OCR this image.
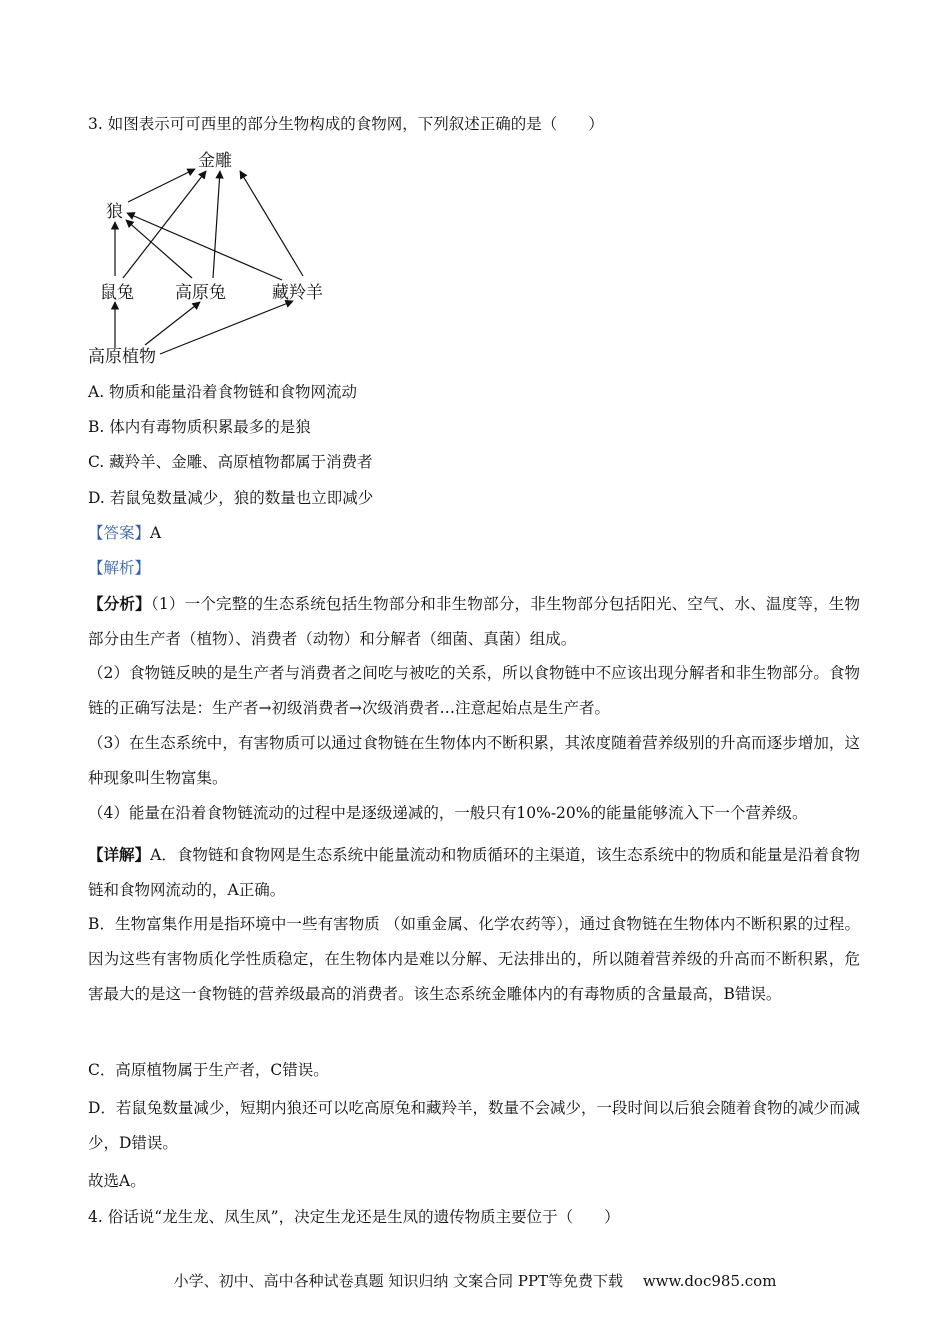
3. 如图表示可可西里的部分生物构成的食物网，下列叙述正确的是（　　）
金雕
狼
鼠兔 高原兔	藏羚羊
高原植物
A. 物质和能量沿着食物链和食物网流动
B. 体内有毒物质积累最多的是狼
C. 藏羚羊、金雕、高原植物都属于消费者
D. 若鼠兔数量减少，狼的数量也立即减少
【答案】A
【解析】
【分析】（1）一个完整的生态系统包括生物部分和非生物部分，非生物部分包括阳光、空气、水、温度等，生物部分由生产者（植物）、消费者（动物）和分解者（细菌、真菌）组成。
（2）食物链反映的是生产者与消费者之间吃与被吃的关系，所以食物链中不应该出现分解者和非生物部分。食物链的正确写法是：生产者→初级消费者→次级消费者…注意起始点是生产者。
（3）在生态系统中，有害物质可以通过食物链在生物体内不断积累，其浓度随着营养级别的升高而逐步增加，这种现象叫生物富集。
（4）能量在沿着食物链流动的过程中是逐级递减的，一般只有10%-20%的能量能够流入下一个营养级。
【详解】A．食物链和食物网是生态系统中能量流动和物质循环的主渠道，该生态系统中的物质和能量是沿着食物链和食物网流动的，A正确。
B．生物富集作用是指环境中一些有害物质 （如重金属、化学农药等），通过食物链在生物体内不断积累的过程。因为这些有害物质化学性质稳定，在生物体内是难以分解、无法排出的，所以随着营养级的升高而不断积累，危害最大的是这一食物链的营养级最高的消费者。该生态系统金雕体内的有毒物质的含量最高，B错误。
C．高原植物属于生产者，C错误。
D．若鼠兔数量减少，短期内狼还可以吃高原兔和藏羚羊，数量不会减少，一段时间以后狼会随着食物的减少而减少，D错误。
故选A。
4. 俗话说“龙生龙、凤生凤”，决定生龙还是生凤的遗传物质主要位于（　　）
小学、初中、高中各种试卷真题 知识归纳 文案合同 PPT等免费下载　 www.doc985.com
